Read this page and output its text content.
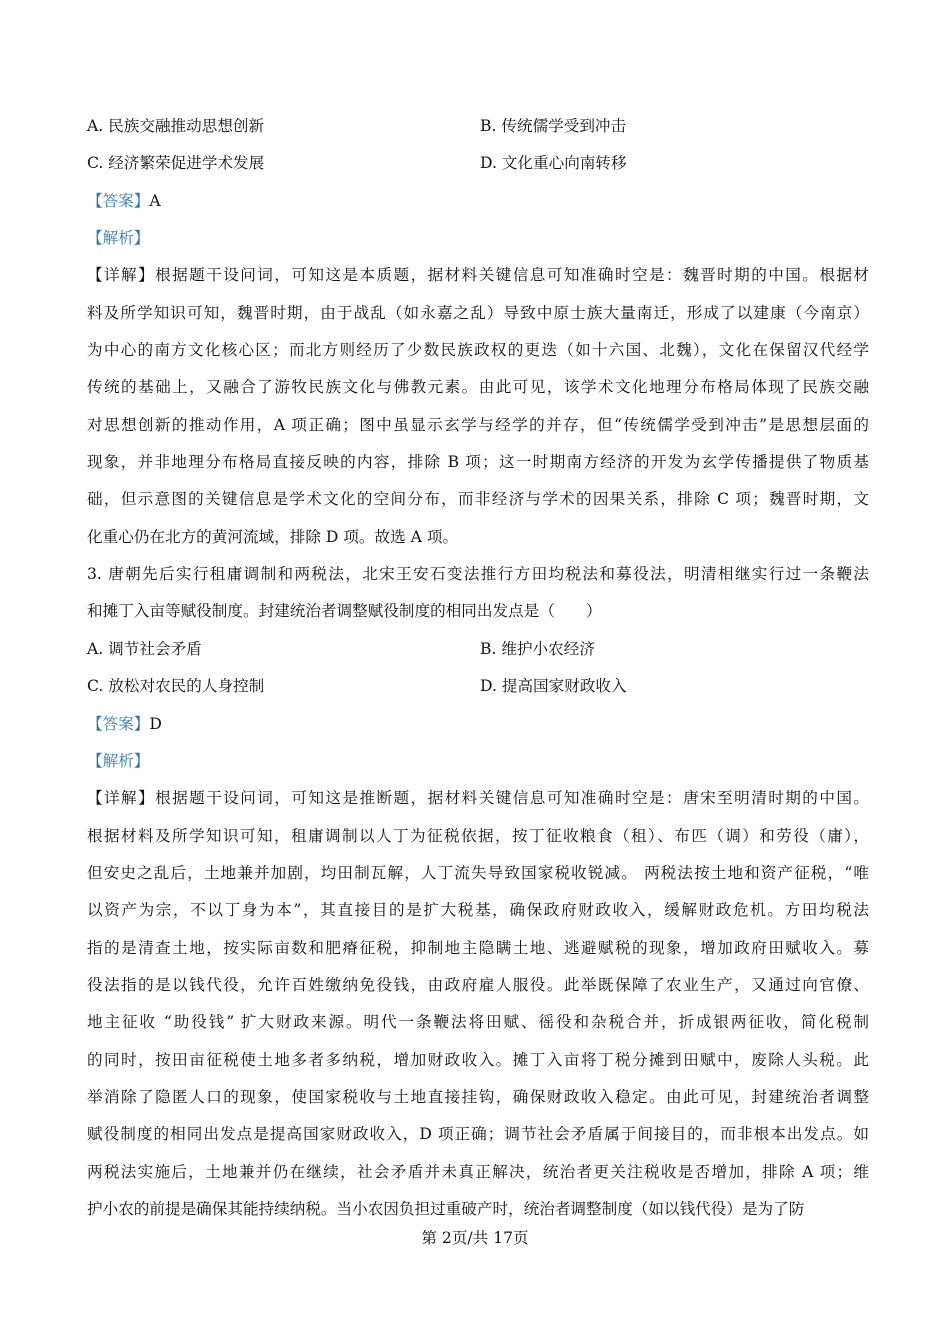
A. 民族交融推动思想创新	B. 传统儒学受到冲击
C. 经济繁荣促进学术发展	D. 文化重心向南转移
【答案】A
【解析】
【详解】根据题干设问词，可知这是本质题，据材料关键信息可知准确时空是：魏晋时期的中国。根据材
料及所学知识可知，魏晋时期，由于战乱（如永嘉之乱）导致中原士族大量南迁，形成了以建康（今南京）
为中心的南方文化核心区；而北方则经历了少数民族政权的更迭（如十六国、北魏），文化在保留汉代经学
传统的基础上，又融合了游牧民族文化与佛教元素。由此可见，该学术文化地理分布格局体现了民族交融
对思想创新的推动作用，A 项正确；图中虽显示玄学与经学的并存，但“传统儒学受到冲击”是思想层面的
现象，并非地理分布格局直接反映的内容，排除 B 项；这一时期南方经济的开发为玄学传播提供了物质基
础，但示意图的关键信息是学术文化的空间分布，而非经济与学术的因果关系，排除 C 项；魏晋时期，文
化重心仍在北方的黄河流域，排除 D 项。故选 A 项。
3. 唐朝先后实行租庸调制和两税法，北宋王安石变法推行方田均税法和募役法，明清相继实行过一条鞭法
和摊丁入亩等赋役制度。封建统治者调整赋役制度的相同出发点是（　　）
A. 调节社会矛盾	B. 维护小农经济
C. 放松对农民的人身控制	D. 提高国家财政收入
【答案】D
【解析】
【详解】根据题干设问词，可知这是推断题，据材料关键信息可知准确时空是：唐宋至明清时期的中国。
根据材料及所学知识可知，租庸调制以人丁为征税依据，按丁征收粮食（租）、布匹（调）和劳役（庸），
但安史之乱后，土地兼并加剧，均田制瓦解，人丁流失导致国家税收锐减。 两税法按土地和资产征税，“唯
以资产为宗，不以丁身为本”，其直接目的是扩大税基，确保政府财政收入，缓解财政危机。方田均税法
指的是清查土地，按实际亩数和肥瘠征税，抑制地主隐瞒土地、逃避赋税的现象，增加政府田赋收入。募
役法指的是以钱代役，允许百姓缴纳免役钱，由政府雇人服役。此举既保障了农业生产，又通过向官僚、
地主征收 “助役钱” 扩大财政来源。明代一条鞭法将田赋、徭役和杂税合并，折成银两征收，简化税制
的同时，按田亩征税使土地多者多纳税，增加财政收入。摊丁入亩将丁税分摊到田赋中，废除人头税。此
举消除了隐匿人口的现象，使国家税收与土地直接挂钩，确保财政收入稳定。由此可见，封建统治者调整
赋役制度的相同出发点是提高国家财政收入，D 项正确；调节社会矛盾属于间接目的，而非根本出发点。如
两税法实施后，土地兼并仍在继续，社会矛盾并未真正解决，统治者更关注税收是否增加，排除 A 项；维
护小农的前提是确保其能持续纳税。当小农因负担过重破产时，统治者调整制度（如以钱代役）是为了防
第 2页/共 17页
